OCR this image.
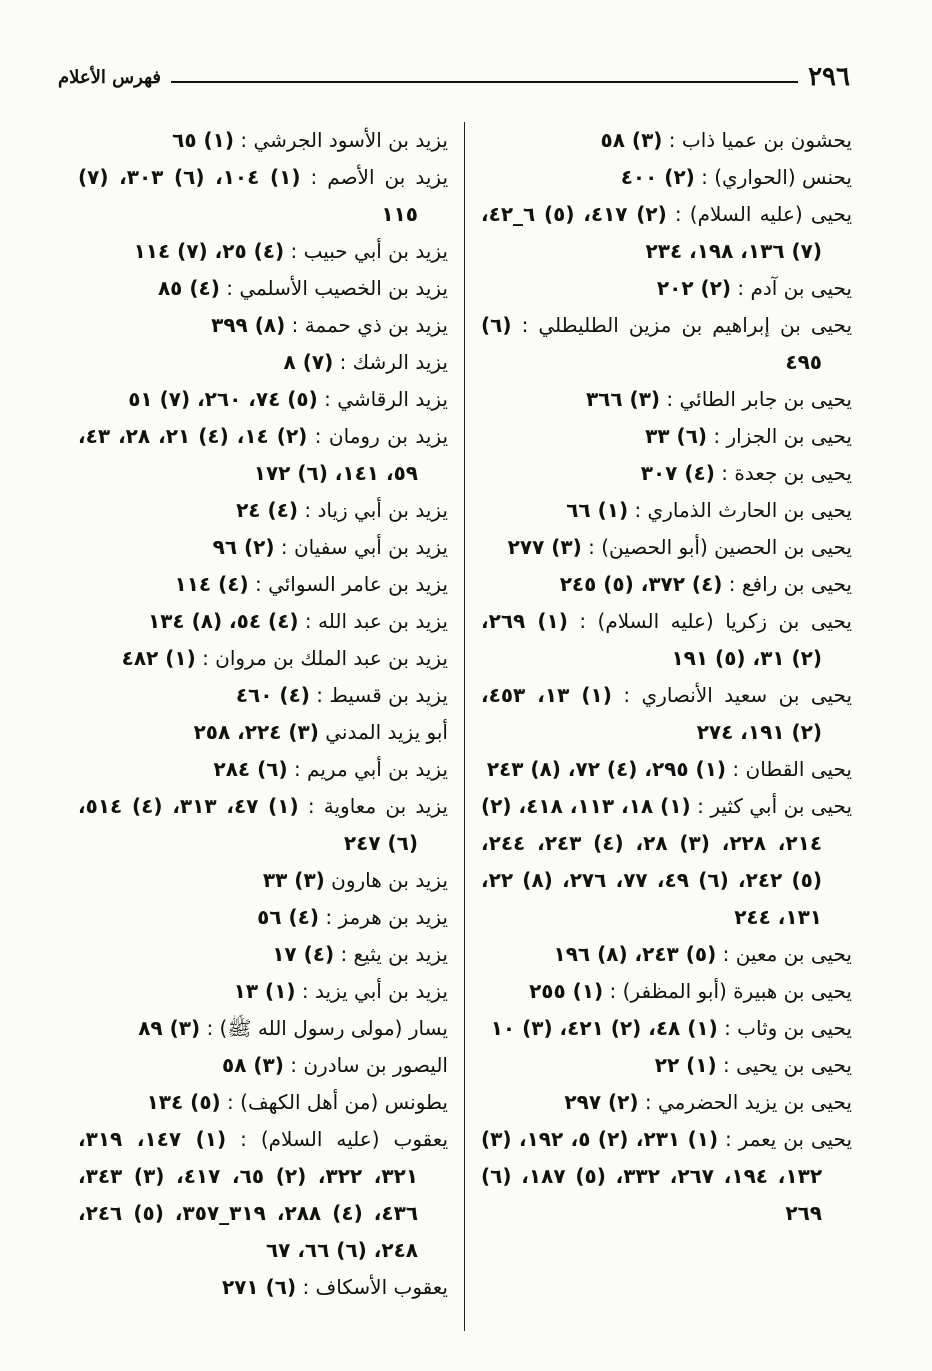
٢٩٦
فهرس الأعلام
يحشون بن عميا ذاب : (٣) ٥٨
يحنس (الحواري) : (٢) ٤٠٠
يحيى (عليه السلام) : (٢) ٤١٧، (٥) ٦_٤٢، (٧) ١٣٦، ١٩٨، ٢٣٤
يحيى بن آدم : (٢) ٢٠٢
يحيى بن إبراهيم بن مزين الطليطلي : (٦) ٤٩٥
يحيى بن جابر الطائي : (٣) ٣٦٦
يحيى بن الجزار : (٦) ٣٣
يحيى بن جعدة : (٤) ٣٠٧
يحيى بن الحارث الذماري : (١) ٦٦
يحيى بن الحصين (أبو الحصين) : (٣) ٢٧٧
يحيى بن رافع : (٤) ٣٧٢، (٥) ٢٤٥
يحيى بن زكريا (عليه السلام) : (١) ٢٦٩، (٢) ٣١، (٥) ١٩١
يحيى بن سعيد الأنصاري : (١) ١٣، ٤٥٣، (٢) ١٩١، ٢٧٤
يحيى القطان : (١) ٢٩٥، (٤) ٧٢، (٨) ٢٤٣
يحيى بن أبي كثير : (١) ١٨، ١١٣، ٤١٨، (٢) ٢١٤، ٢٢٨، (٣) ٢٨، (٤) ٢٤٣، ٢٤٤، (٥) ٢٤٢، (٦) ٤٩، ٧٧، ٢٧٦، (٨) ٢٢، ١٣١، ٢٤٤
يحيى بن معين : (٥) ٢٤٣، (٨) ١٩٦
يحيى بن هبيرة (أبو المظفر) : (١) ٢٥٥
يحيى بن وثاب : (١) ٤٨، (٢) ٤٢١، (٣) ١٠
يحيى بن يحيى : (١) ٢٢
يحيى بن يزيد الحضرمي : (٢) ٢٩٧
يحيى بن يعمر : (١) ٢٣١، (٢) ٥، ١٩٢، (٣) ١٣٢، ١٩٤، ٢٦٧، ٣٣٢، (٥) ١٨٧، (٦) ٢٦٩
يزيد بن الأسود الجرشي : (١) ٦٥
يزيد بن الأصم : (١) ١٠٤، (٦) ٣٠٣، (٧) ١١٥
يزيد بن أبي حبيب : (٤) ٢٥، (٧) ١١٤
يزيد بن الخصيب الأسلمي : (٤) ٨٥
يزيد بن ذي حممة : (٨) ٣٩٩
يزيد الرشك : (٧) ٨
يزيد الرقاشي : (٥) ٧٤، ٢٦٠، (٧) ٥١
يزيد بن رومان : (٢) ١٤، (٤) ٢١، ٢٨، ٤٣، ٥٩، ١٤١، (٦) ١٧٢
يزيد بن أبي زياد : (٤) ٢٤
يزيد بن أبي سفيان : (٢) ٩٦
يزيد بن عامر السوائي : (٤) ١١٤
يزيد بن عبد الله : (٤) ٥٤، (٨) ١٣٤
يزيد بن عبد الملك بن مروان : (١) ٤٨٢
يزيد بن قسيط : (٤) ٤٦٠
أبو يزيد المدني (٣) ٢٢٤، ٢٥٨
يزيد بن أبي مريم : (٦) ٢٨٤
يزيد بن معاوية : (١) ٤٧، ٣١٣، (٤) ٥١٤، (٦) ٢٤٧
يزيد بن هارون (٣) ٣٣
يزيد بن هرمز : (٤) ٥٦
يزيد بن يثيع : (٤) ١٧
يزيد بن أبي يزيد : (١) ١٣
يسار (مولى رسول الله ﷺ) : (٣) ٨٩
اليصور بن سادرن : (٣) ٥٨
يطونس (من أهل الكهف) : (٥) ١٣٤
يعقوب (عليه السلام) : (١) ١٤٧، ٣١٩، ٣٢١، ٣٢٢، (٢) ٦٥، ٤١٧، (٣) ٣٤٣، ٤٣٦، (٤) ٢٨٨، ٣١٩_٣٥٧، (٥) ٢٤٦، ٢٤٨، (٦) ٦٦، ٦٧
يعقوب الأسكاف : (٦) ٢٧١
